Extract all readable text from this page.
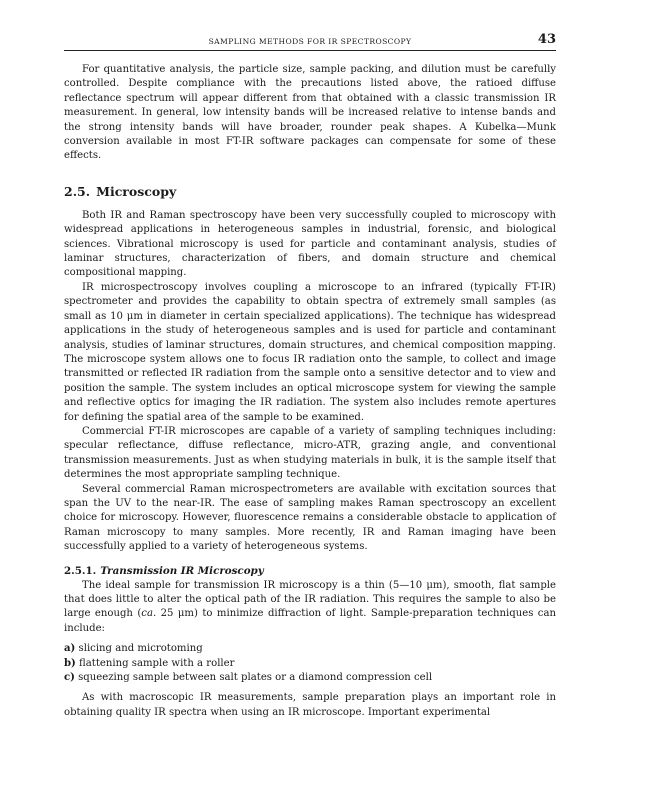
SAMPLING METHODS FOR IR SPECTROSCOPY	43

For quantitative analysis, the particle size, sample packing, and dilution must be carefully controlled. Despite compliance with the precautions listed above, the ratioed diffuse reflectance spectrum will appear different from that obtained with a classic transmission IR measurement. In general, low intensity bands will be increased relative to intense bands and the strong intensity bands will have broader, rounder peak shapes. A Kubelka—Munk conversion available in most FT-IR software packages can compensate for some of these effects.

2.5. Microscopy

Both IR and Raman spectroscopy have been very successfully coupled to microscopy with widespread applications in heterogeneous samples in industrial, forensic, and biological sciences. Vibrational microscopy is used for particle and contaminant analysis, studies of laminar structures, characterization of fibers, and domain structure and chemical compositional mapping.

IR microspectroscopy involves coupling a microscope to an infrared (typically FT-IR) spectrometer and provides the capability to obtain spectra of extremely small samples (as small as 10 μm in diameter in certain specialized applications). The technique has widespread applications in the study of heterogeneous samples and is used for particle and contaminant analysis, studies of laminar structures, domain structures, and chemical composition mapping. The microscope system allows one to focus IR radiation onto the sample, to collect and image transmitted or reflected IR radiation from the sample onto a sensitive detector and to view and position the sample. The system includes an optical microscope system for viewing the sample and reflective optics for imaging the IR radiation. The system also includes remote apertures for defining the spatial area of the sample to be examined.

Commercial FT-IR microscopes are capable of a variety of sampling techniques including: specular reflectance, diffuse reflectance, micro-ATR, grazing angle, and conventional transmission measurements. Just as when studying materials in bulk, it is the sample itself that determines the most appropriate sampling technique.

Several commercial Raman microspectrometers are available with excitation sources that span the UV to the near-IR. The ease of sampling makes Raman spectroscopy an excellent choice for microscopy. However, fluorescence remains a considerable obstacle to application of Raman microscopy to many samples. More recently, IR and Raman imaging have been successfully applied to a variety of heterogeneous systems.

2.5.1. Transmission IR Microscopy

The ideal sample for transmission IR microscopy is a thin (5—10 μm), smooth, flat sample that does little to alter the optical path of the IR radiation. This requires the sample to also be large enough (ca. 25 μm) to minimize diffraction of light. Sample-preparation techniques can include:

a) slicing and microtoming
b) flattening sample with a roller
c) squeezing sample between salt plates or a diamond compression cell

As with macroscopic IR measurements, sample preparation plays an important role in obtaining quality IR spectra when using an IR microscope. Important experimental
